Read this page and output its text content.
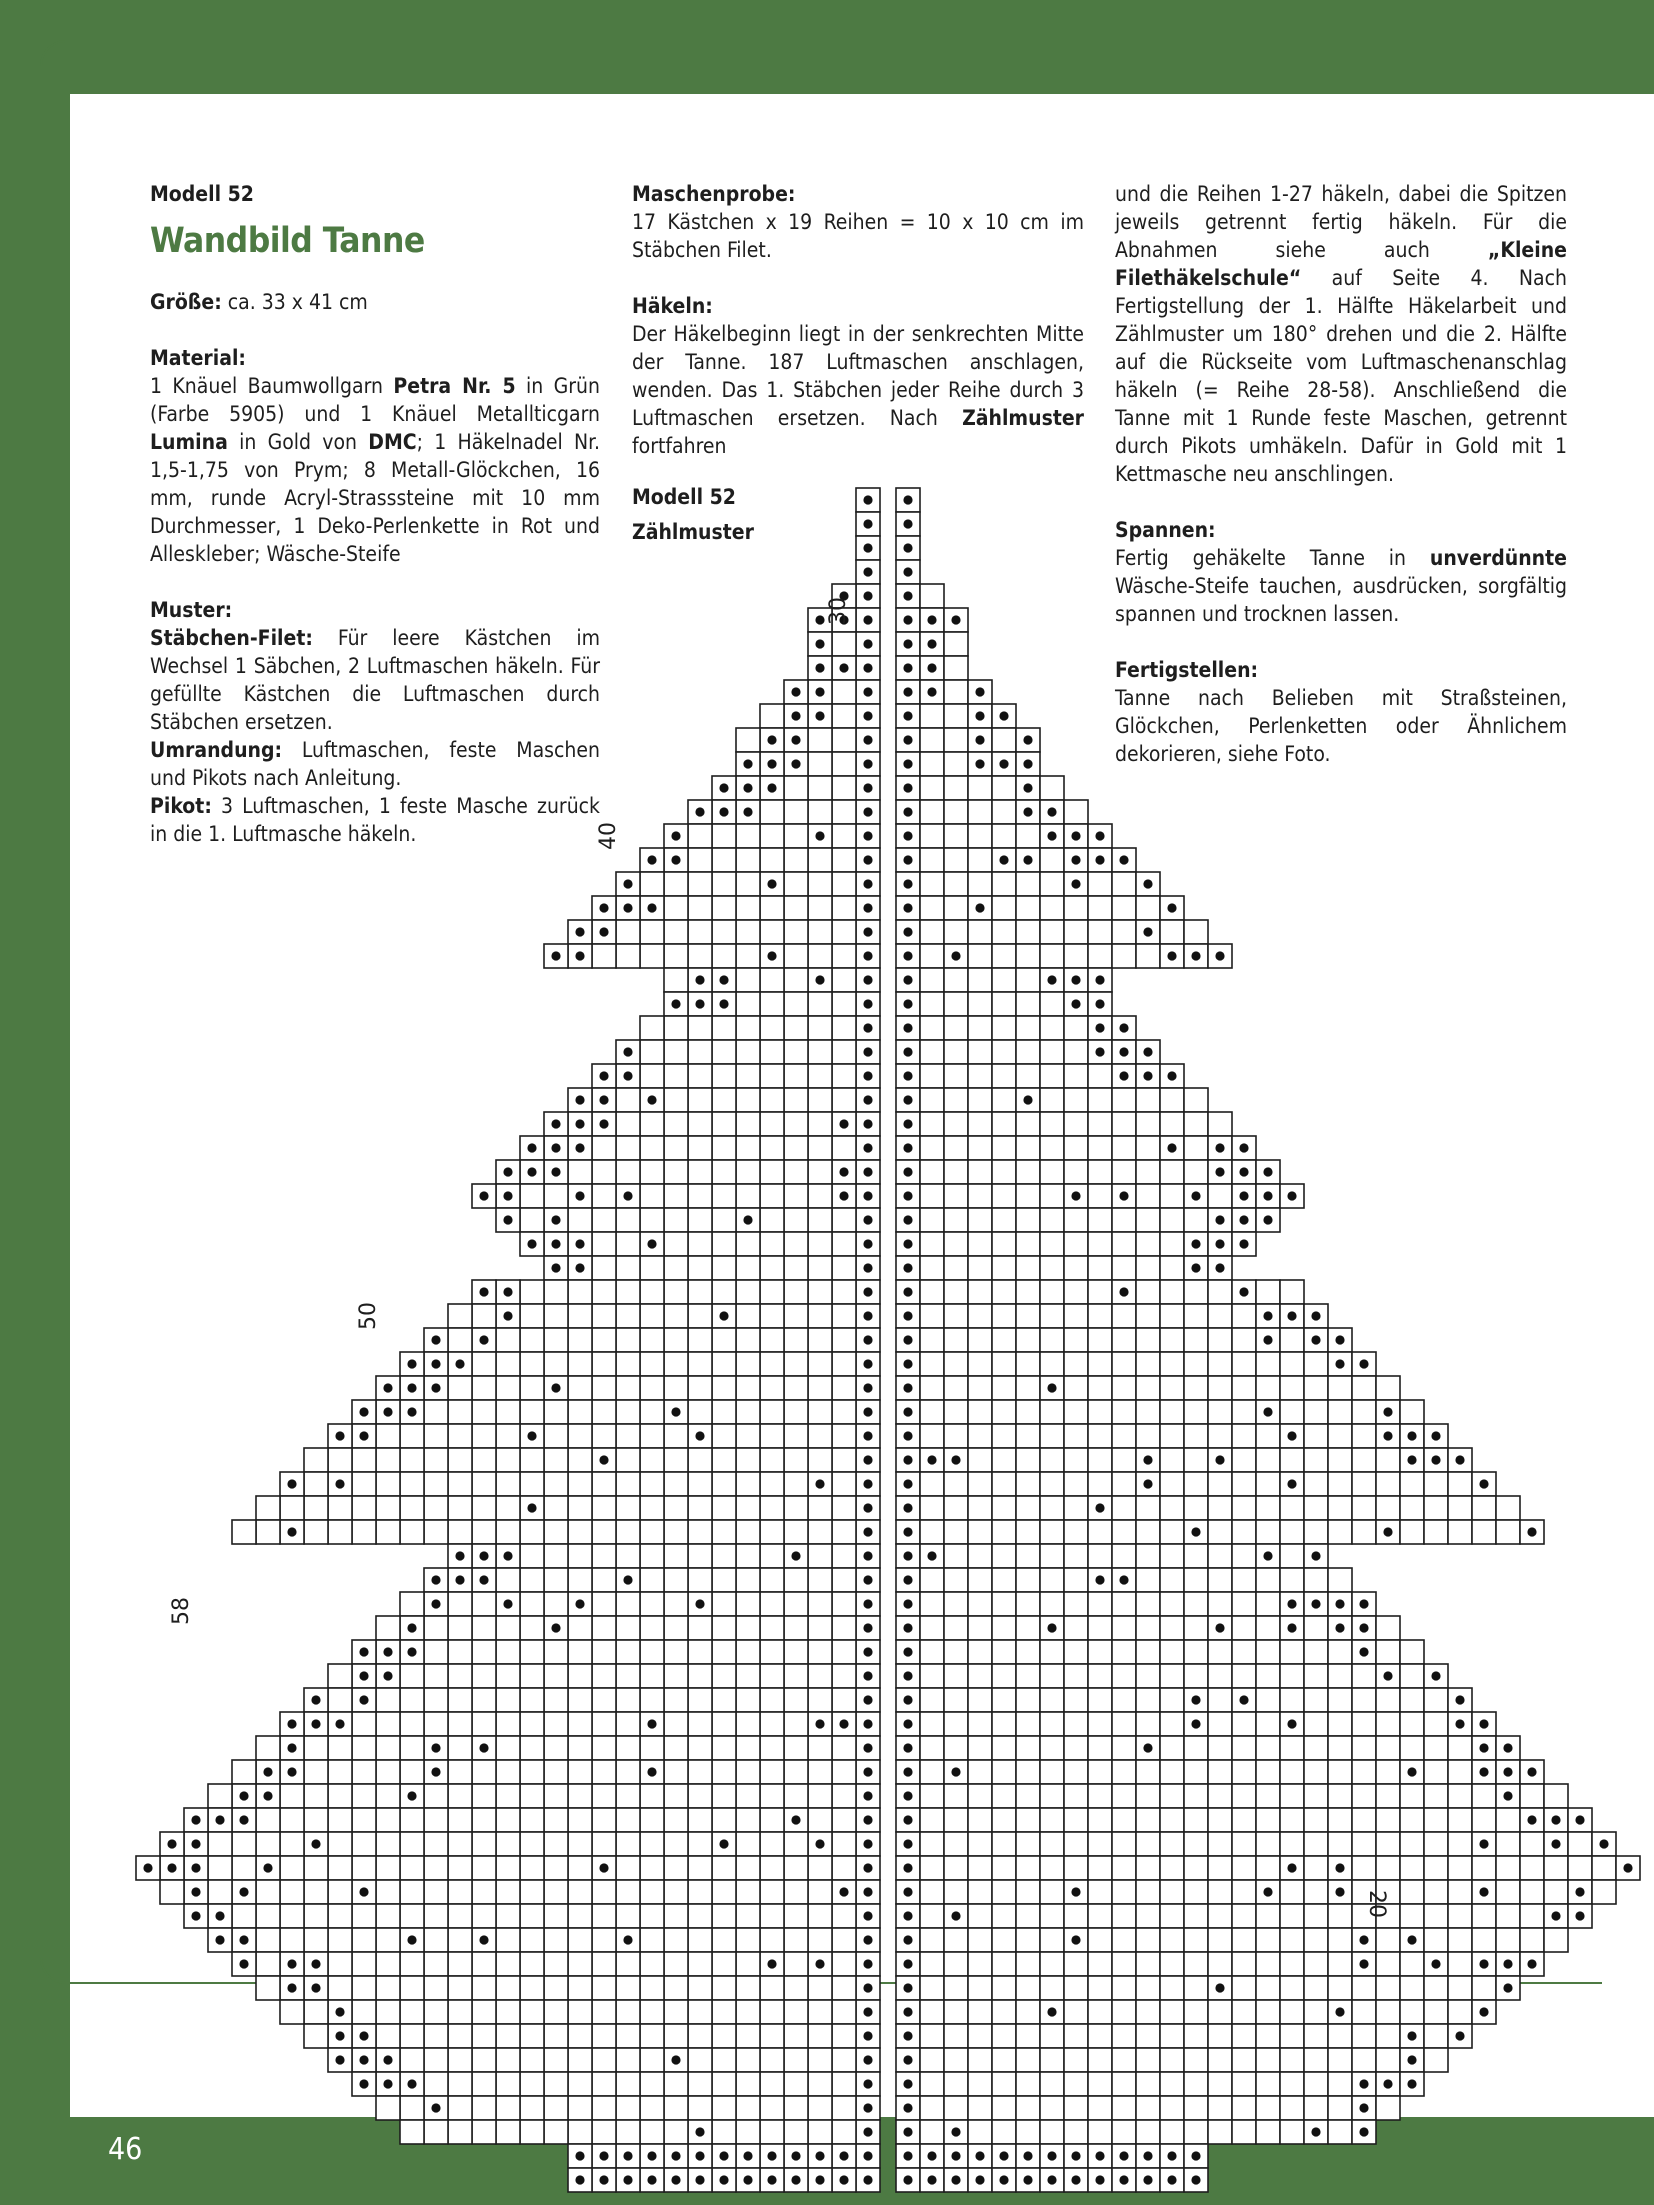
Modell 52

Wandbild Tanne

Größe: ca. 33 x 41 cm

Material:

1 Knäuel Baumwollgarn Petra Nr. 5 in Grün (Farbe 5905) und 1 Knäuel Metallticgarn Lumina in Gold von DMC; 1 Häkelnadel Nr. 1,5-1,75 von Prym; 8 Metall-Glöckchen, 16 mm, runde Acryl-Strasssteine mit 10 mm Durchmesser, 1 Deko-Perlenkette in Rot und Alleskleber; Wäsche-Steife

Muster:

Stäbchen-Filet: Für leere Kästchen im Wechsel 1 Säbchen, 2 Luftmaschen häkeln. Für gefüllte Kästchen die Luftmaschen durch Stäbchen ersetzen.

Umrandung: Luftmaschen, feste Maschen und Pikots nach Anleitung.

Pikot: 3 Luftmaschen, 1 feste Masche zurück in die 1. Luftmasche häkeln.

Maschenprobe:

17 Kästchen x 19 Reihen = 10 x 10 cm im Stäbchen Filet.

Häkeln:

Der Häkelbeginn liegt in der senkrechten Mitte der Tanne. 187 Luftmaschen anschlagen, wenden. Das 1. Stäbchen jeder Reihe durch 3 Luftmaschen ersetzen. Nach Zählmuster fortfahren

und die Reihen 1-27 häkeln, dabei die Spitzen jeweils getrennt fertig häkeln. Für die Abnahmen siehe auch „Kleine Filethäkelschule“ auf Seite 4. Nach Fertigstellung der 1. Hälfte Häkelarbeit und Zählmuster um 180° drehen und die 2. Hälfte auf die Rückseite vom Luftmaschenanschlag häkeln (= Reihe 28-58). Anschließend die Tanne mit 1 Runde feste Maschen, getrennt durch Pikots umhäkeln. Dafür in Gold mit 1 Kettmasche neu anschlingen.

Spannen:

Fertig gehäkelte Tanne in unverdünnte Wäsche-Steife tauchen, ausdrücken, sorgfältig spannen und trocknen lassen.

Fertigstellen:

Tanne nach Belieben mit Straßsteinen, Glöckchen, Perlenketten oder Ähnlichem dekorieren, siehe Foto.

Modell 52
Zählmuster
20
30
40
50
58
46
